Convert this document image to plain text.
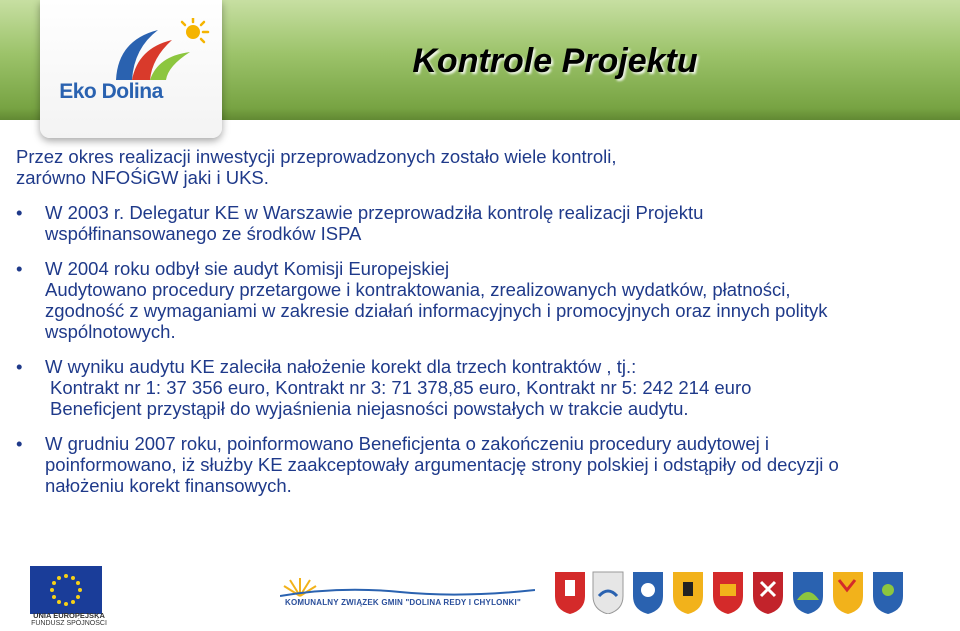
Eko Dolina
Kontrole Projektu

Przez okres realizacji inwestycji przeprowadzonych zostało wiele kontroli,

zarówno NFOŚiGW jaki i UKS.

• W 2003 r. Delegatur KE w Warszawie przeprowadziła kontrolę realizacji Projektu

współfinansowanego ze środków ISPA

• W 2004 roku odbył sie audyt Komisji Europejskiej

Audytowano procedury przetargowe i kontraktowania, zrealizowanych wydatków, płatności,

zgodność z wymaganiami w zakresie działań informacyjnych i promocyjnych oraz innych polityk

wspólnotowych.

• W wyniku audytu KE zaleciła nałożenie korekt dla trzech kontraktów , tj.:

Kontrakt nr 1: 37 356 euro, Kontrakt nr 3: 71 378,85 euro, Kontrakt nr 5: 242 214 euro

Beneficjent przystąpił do wyjaśnienia niejasności powstałych w trakcie audytu.

• W grudniu 2007 roku, poinformowano Beneficjenta o zakończeniu procedury audytowej i

poinformowano, iż służby KE zaakceptowały argumentację strony polskiej i odstąpiły od decyzji o

nałożeniu korekt finansowych.

UNIA EUROPEJSKA
FUNDUSZ SPÓJNOŚCI
KOMUNALNY ZWIĄZEK GMIN "DOLINA REDY I CHYLONKI"
